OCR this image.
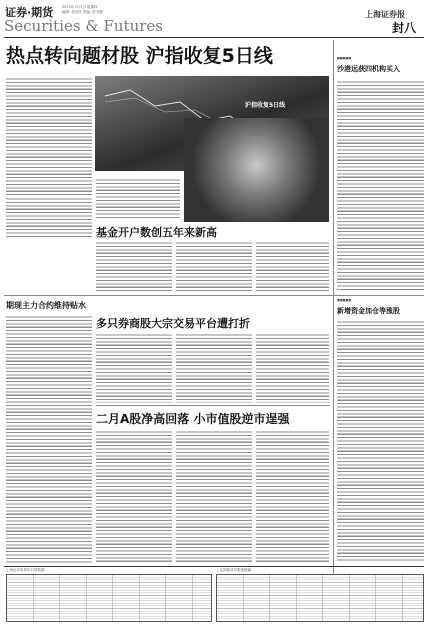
证券·期货	2013年3月7日 星期四
编辑: 桂衍民 美编: 彭书静
Securities & Futures
上海证券报
封八
热点转向题材股 沪指收复5日线
沪指收复5日线
基金开户数创五年来新高
■■■■■
沙港远获四机构买入
期现主力合约维持贴水
多只券商股大宗交易平台遭打折
二月A股净高回落 小市值股逆市逞强
■■■■■
新增资金加仓等涨股
上海证券报资讯行情数据	上证指数成份股涨跌幅
